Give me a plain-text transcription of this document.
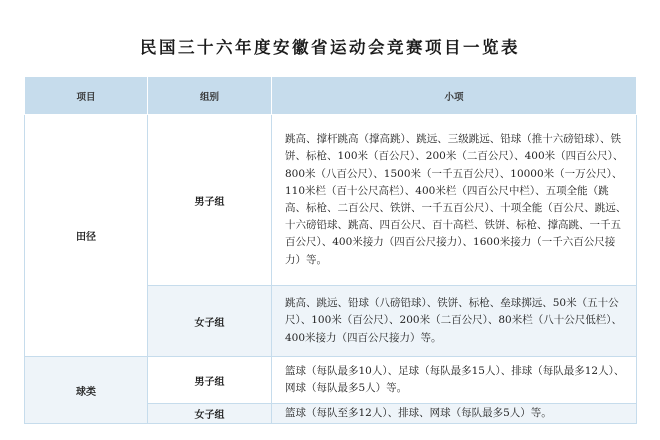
民国三十六年度安徽省运动会竞赛项目一览表
项目	组别	小项
田径	男子组	跳高、撑杆跳高（撑高跳）、跳远、三级跳远、铅球（推十六磅铅球）、铁饼、标枪、100米（百公尺）、200米（二百公尺）、400米（四百公尺）、800米（八百公尺）、1500米（一千五百公尺）、10000米（一万公尺）、110米栏（百十公尺高栏）、400米栏（四百公尺中栏）、五项全能（跳高、标枪、二百公尺、铁饼、一千五百公尺）、十项全能（百公尺、跳远、十六磅铅球、跳高、四百公尺、百十高栏、铁饼、标枪、撑高跳、一千五百公尺）、400米接力（四百公尺接力）、1600米接力（一千六百公尺接力）等。
	女子组	跳高、跳远、铅球（八磅铅球）、铁饼、标枪、垒球掷远、50米（五十公尺）、100米（百公尺）、200米（二百公尺）、80米栏（八十公尺低栏）、400米接力（四百公尺接力）等。
球类	男子组	篮球（每队最多10人）、足球（每队最多15人）、排球（每队最多12人）、网球（每队最多5人）等。
	女子组	篮球（每队至多12人）、排球、网球（每队最多5人）等。
